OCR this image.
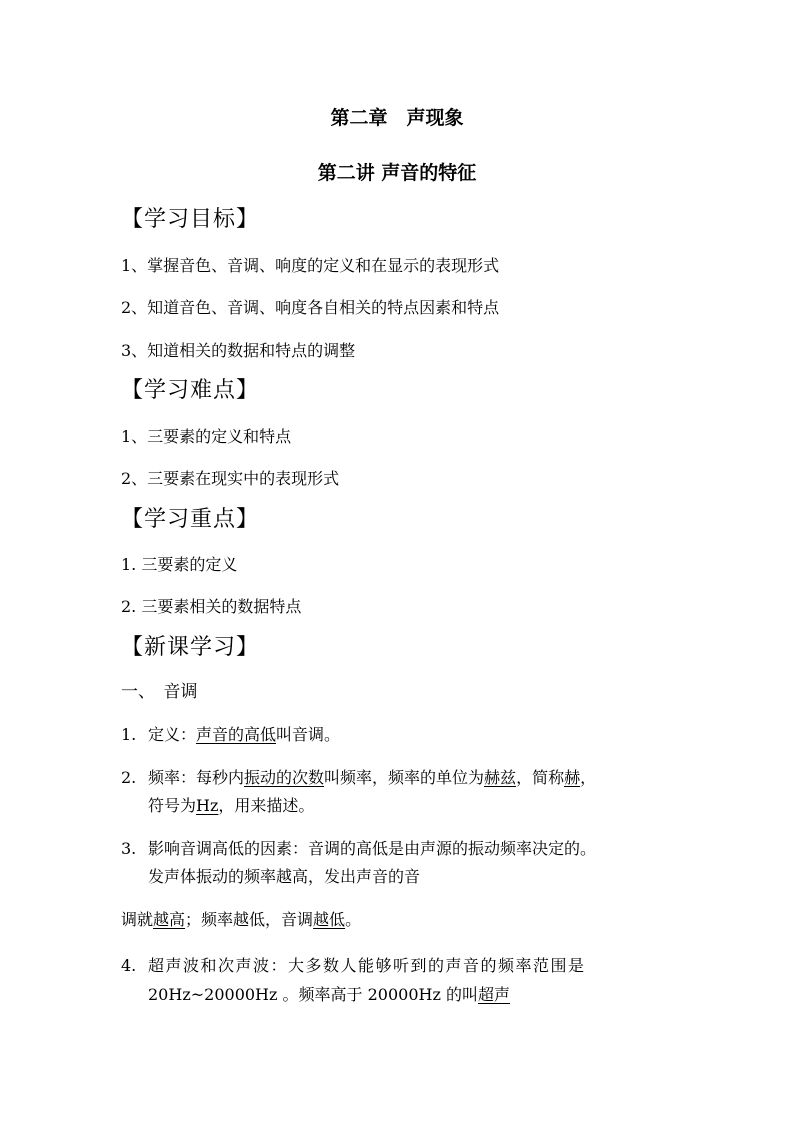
第二章　声现象
第二讲 声音的特征
【学习目标】
1、掌握音色、音调、响度的定义和在显示的表现形式
2、知道音色、音调、响度各自相关的特点因素和特点
3、知道相关的数据和特点的调整
【学习难点】
1、三要素的定义和特点
2、三要素在现实中的表现形式
【学习重点】
1. 三要素的定义
2. 三要素相关的数据特点
【新课学习】
一、　音调
1. 定义：声音的高低叫音调。
2. 频率：每秒内振动的次数叫频率，频率的单位为赫兹，简称赫，
符号为Hz，用来描述。
3. 影响音调高低的因素：音调的高低是由声源的振动频率决定的。
发声体振动的频率越高，发出声音的音
调就越高；频率越低，音调越低。
4. 超声波和次声波：大多数人能够听到的声音的频率范围是
20Hz~20000Hz 。频率高于 20000Hz 的叫超声
